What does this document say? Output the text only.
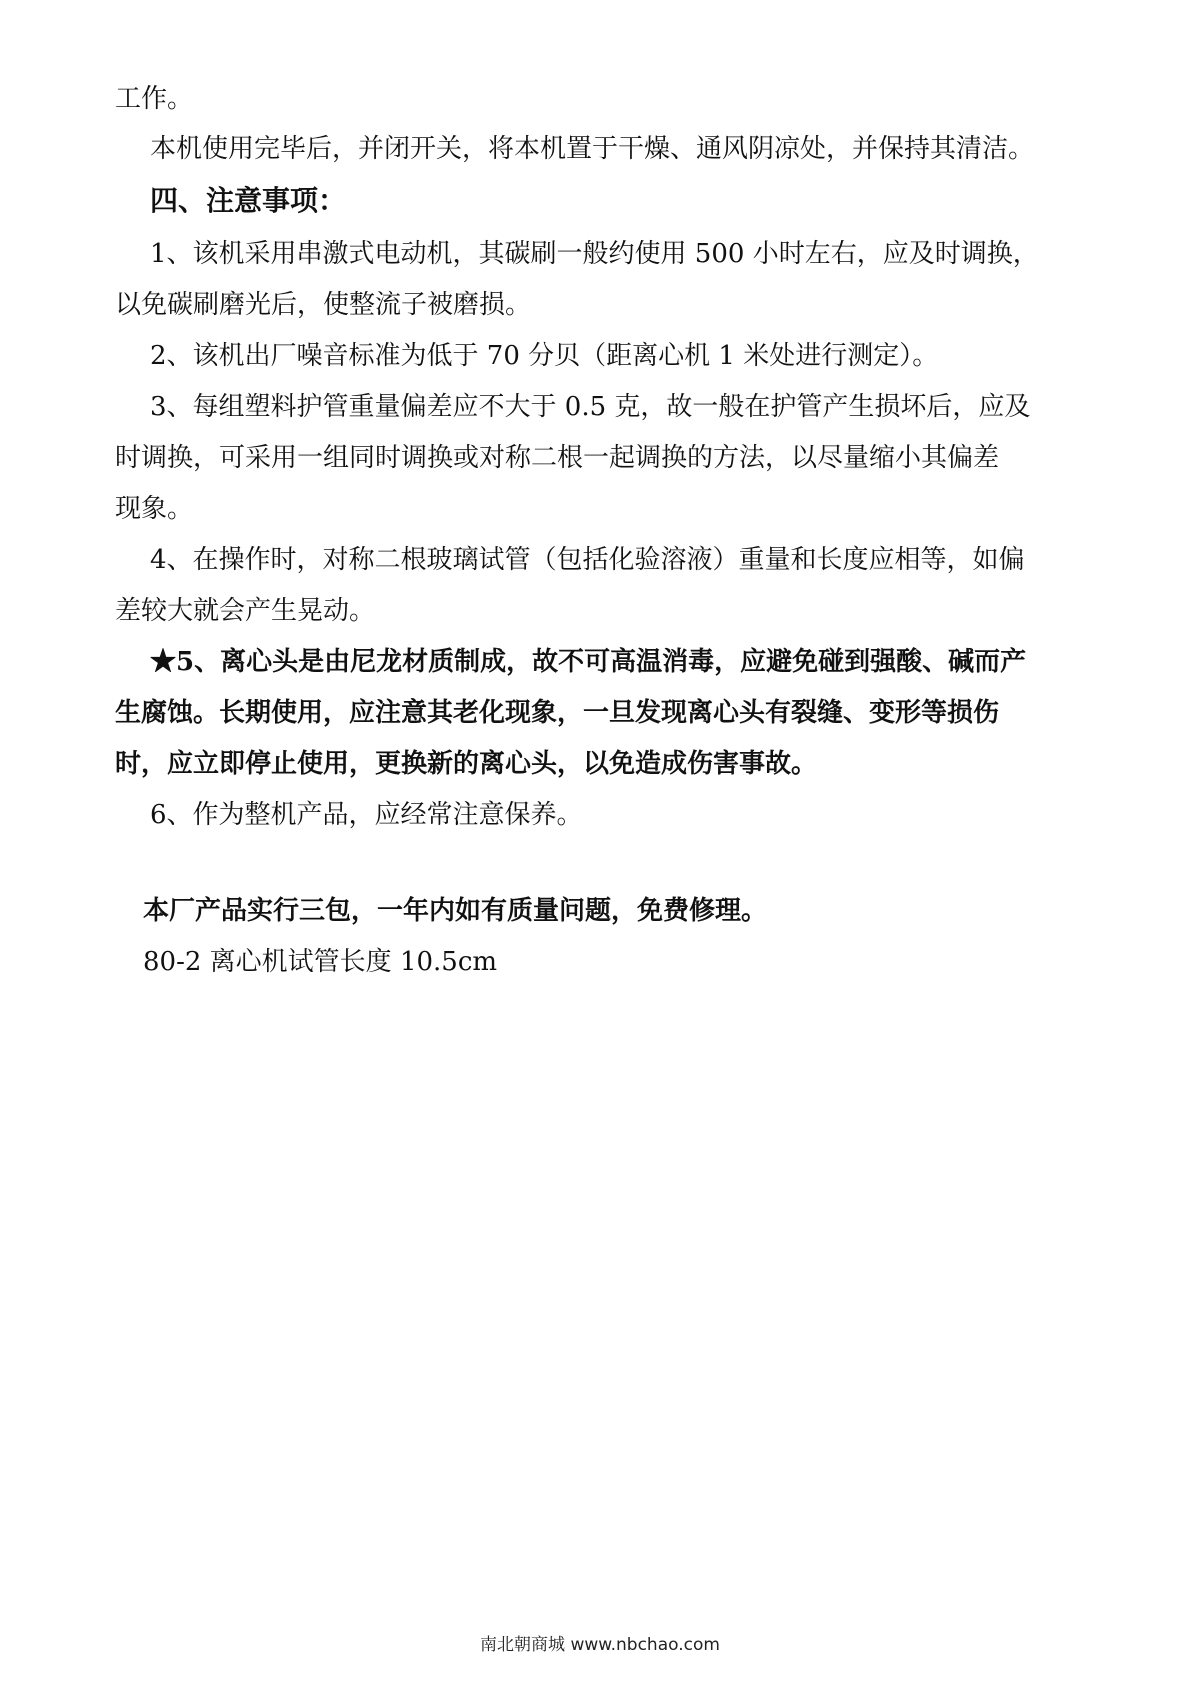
工作。
本机使用完毕后，并闭开关，将本机置于干燥、通风阴凉处，并保持其清洁。
四、注意事项：
1、该机采用串激式电动机，其碳刷一般约使用 500 小时左右，应及时调换，
以免碳刷磨光后，使整流子被磨损。
2、该机出厂噪音标准为低于 70 分贝（距离心机 1 米处进行测定）。
3、每组塑料护管重量偏差应不大于 0.5 克，故一般在护管产生损坏后，应及
时调换，可采用一组同时调换或对称二根一起调换的方法，以尽量缩小其偏差
现象。
4、在操作时，对称二根玻璃试管（包括化验溶液）重量和长度应相等，如偏
差较大就会产生晃动。
★5、离心头是由尼龙材质制成，故不可高温消毒，应避免碰到强酸、碱而产
生腐蚀。长期使用，应注意其老化现象，一旦发现离心头有裂缝、变形等损伤
时，应立即停止使用，更换新的离心头，以免造成伤害事故。
6、作为整机产品，应经常注意保养。
本厂产品实行三包，一年内如有质量问题，免费修理。
80-2 离心机试管长度 10.5cm
南北朝商城 www.nbchao.com
